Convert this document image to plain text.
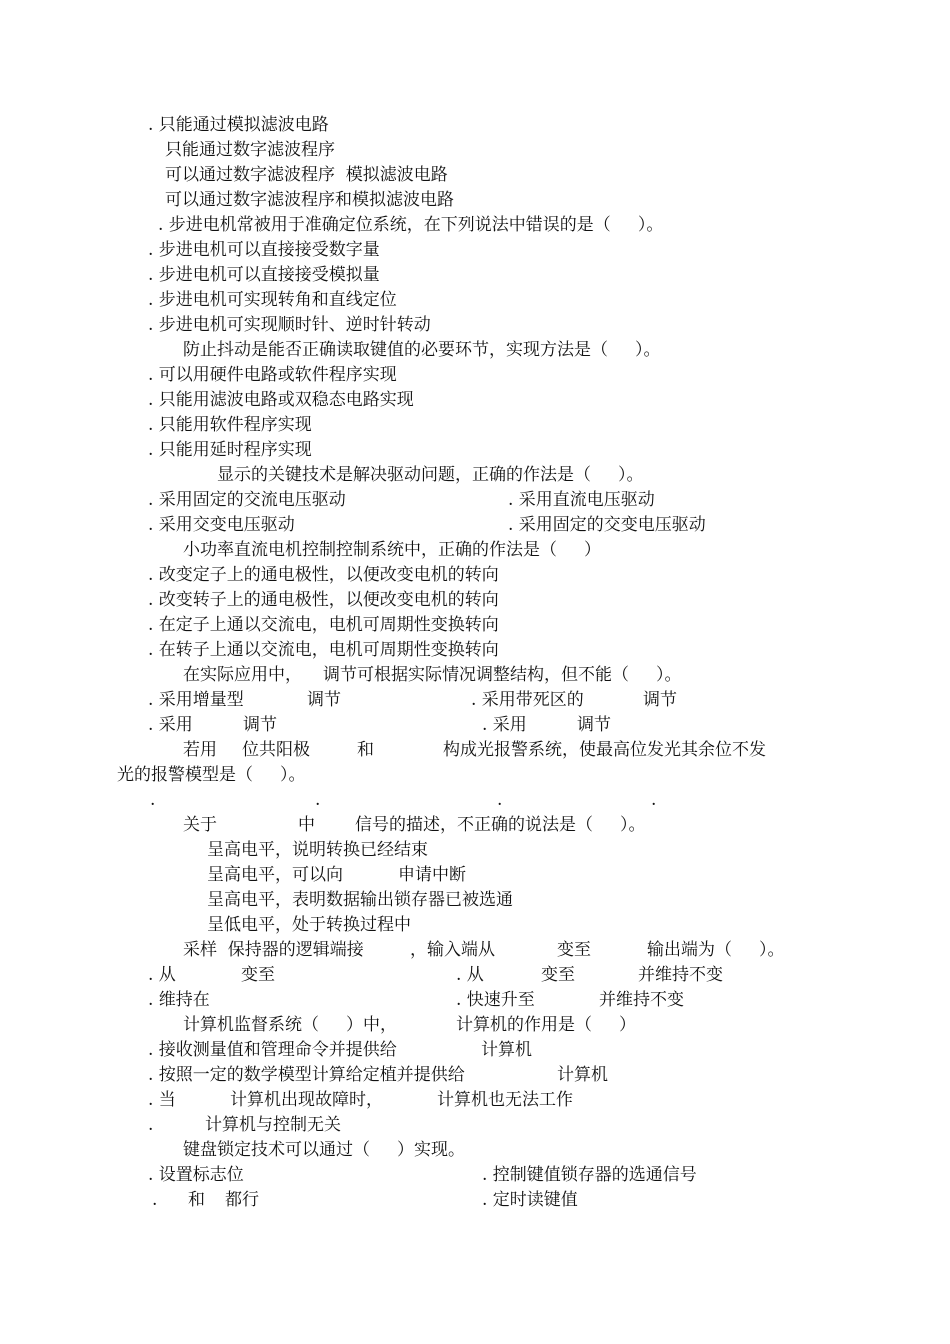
. 只能通过模拟滤波电路
只能通过数字滤波程序
可以通过数字滤波程序  模拟滤波电路
可以通过数字滤波程序和模拟滤波电路
. 步进电机常被用于准确定位系统，在下列说法中错误的是（     ）。
. 步进电机可以直接接受数字量
. 步进电机可以直接接受模拟量
. 步进电机可实现转角和直线定位
. 步进电机可实现顺时针、逆时针转动
防止抖动是能否正确读取键值的必要环节，实现方法是（     ）。
. 可以用硬件电路或软件程序实现
. 只能用滤波电路或双稳态电路实现
. 只能用软件程序实现
. 只能用延时程序实现
显示的关键技术是解决驱动问题，正确的作法是（     ）。
. 采用固定的交流电压驱动	. 采用直流电压驱动
. 采用交变电压驱动	. 采用固定的交变电压驱动
小功率直流电机控制控制系统中，正确的作法是（     ）
. 改变定子上的通电极性，以便改变电机的转向
. 改变转子上的通电极性，以便改变电机的转向
. 在定子上通以交流电，电机可周期性变换转向
. 在转子上通以交流电，电机可周期性变换转向
在实际应用中， 调节可根据实际情况调整结构，但不能（     ）。
. 采用增量型	调节	. 采用带死区的	调节
. 采用	调节	. 采用	调节
若用 位共阳极	和	构成光报警系统，使最高位发光其余位不发
光的报警模型是（     ）。
.	.	.	.
关于	中 信号的描述，不正确的说法是（     ）。
呈高电平，说明转换已经结束
呈高电平，可以向	申请中断
呈高电平，表明数据输出锁存器已被选通
呈低电平，处于转换过程中
采样  保持器的逻辑端接	，输入端从	变至	输出端为（     ）。
. 从	变至	. 从	变至	并维持不变
. 维持在	. 快速升至	并维持不变
计算机监督系统（     ）中，	计算机的作用是（     ）
. 接收测量值和管理命令并提供给	计算机
. 按照一定的数学模型计算给定植并提供给	计算机
. 当	计算机出现故障时，	计算机也无法工作
.	计算机与控制无关
键盘锁定技术可以通过（     ）实现。
. 设置标志位	. 控制键值锁存器的选通信号
. 和 都行	. 定时读键值
